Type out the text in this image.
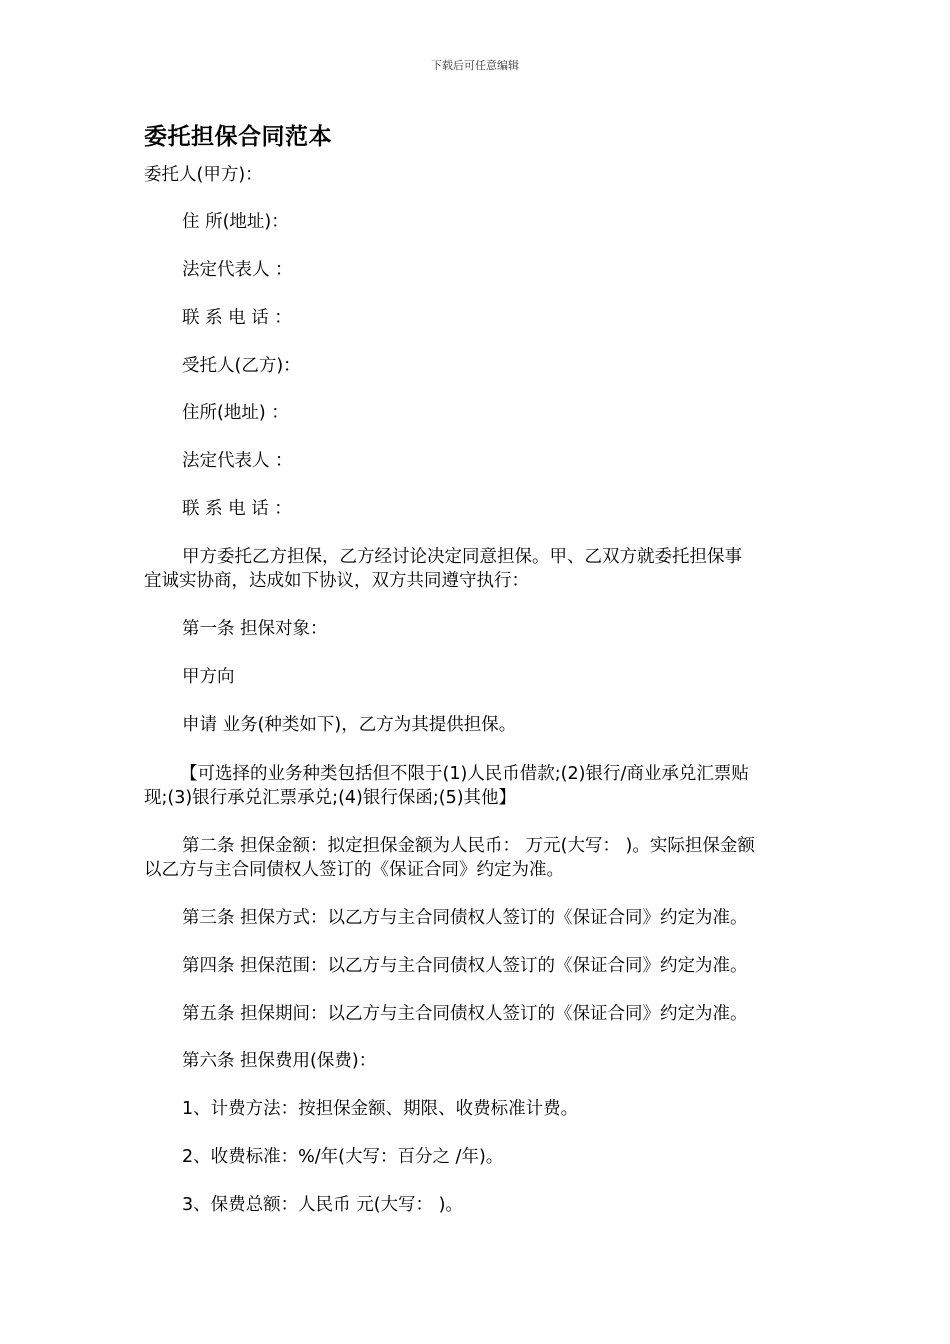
下载后可任意编辑
委托担保合同范本
委托人(甲方)：
住 所(地址)：
法定代表人 ：
联 系 电 话 ：
受托人(乙方)：
住所(地址) ：
法定代表人 ：
联 系 电 话 ：
甲方委托乙方担保，乙方经讨论决定同意担保。甲、乙双方就委托担保事
宜诚实协商，达成如下协议，双方共同遵守执行：
第一条 担保对象：
甲方向
申请 业务(种类如下)，乙方为其提供担保。
【可选择的业务种类包括但不限于(1)人民币借款;(2)银行/商业承兑汇票贴
现;(3)银行承兑汇票承兑;(4)银行保函;(5)其他】
第二条 担保金额：拟定担保金额为人民币： 万元(大写： )。实际担保金额
以乙方与主合同债权人签订的《保证合同》约定为准。
第三条 担保方式：以乙方与主合同债权人签订的《保证合同》约定为准。
第四条 担保范围：以乙方与主合同债权人签订的《保证合同》约定为准。
第五条 担保期间：以乙方与主合同债权人签订的《保证合同》约定为准。
第六条 担保费用(保费)：
1、计费方法：按担保金额、期限、收费标准计费。
2、收费标准：%/年(大写：百分之 /年)。
3、保费总额：人民币 元(大写： )。
